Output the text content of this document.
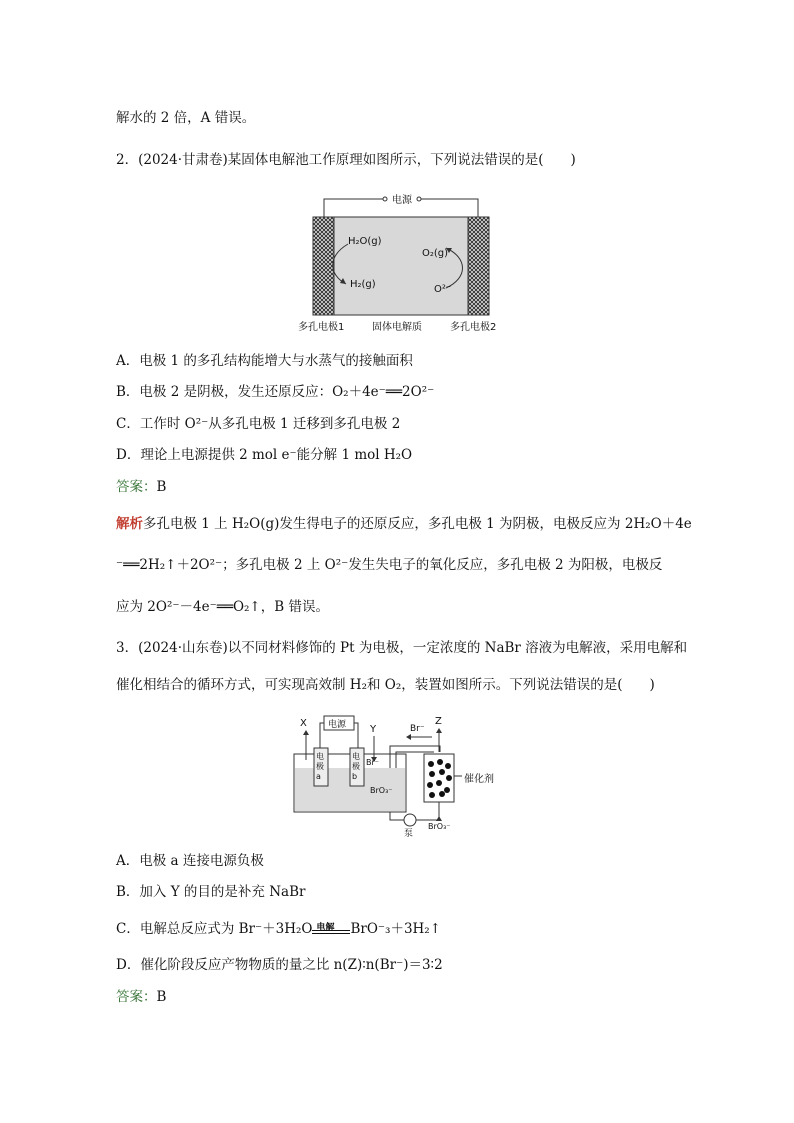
解水的 2 倍，A 错误。
2．(2024·甘肃卷)某固体电解池工作原理如图所示，下列说法错误的是(　　)
电源
H₂O(g)
H₂(g)
O₂(g)
O²⁻
多孔电极1	固体电解质	多孔电极2
A．电极 1 的多孔结构能增大与水蒸气的接触面积
B．电极 2 是阴极，发生还原反应：O₂＋4e⁻══2O²⁻
C．工作时 O²⁻从多孔电极 1 迁移到多孔电极 2
D．理论上电源提供 2 mol e⁻能分解 1 mol H₂O
答案：B
解析多孔电极 1 上 H₂O(g)发生得电子的还原反应，多孔电极 1 为阴极，电极反应为 2H₂O＋4e
⁻══2H₂↑＋2O²⁻；多孔电极 2 上 O²⁻发生失电子的氧化反应，多孔电极 2 为阳极，电极反
应为 2O²⁻－4e⁻══O₂↑，B 错误。
3．(2024·山东卷)以不同材料修饰的 Pt 为电极，一定浓度的 NaBr 溶液为电解液，采用电解和
催化相结合的循环方式，可实现高效制 H₂和 O₂，装置如图所示。下列说法错误的是(　　)
电源
X
Y
Z
Br⁻
Br⁻
BrO₃⁻
电极a
电极b	催化剂
泵
BrO₃⁻
A．电极 a 连接电源负极
B．加入 Y 的目的是补充 NaBr
C．电解总反应式为 Br⁻＋3H₂O 电解 BrO⁻₃＋3H₂↑
D．催化阶段反应产物物质的量之比 n(Z)∶n(Br⁻)＝3∶2
答案：B
